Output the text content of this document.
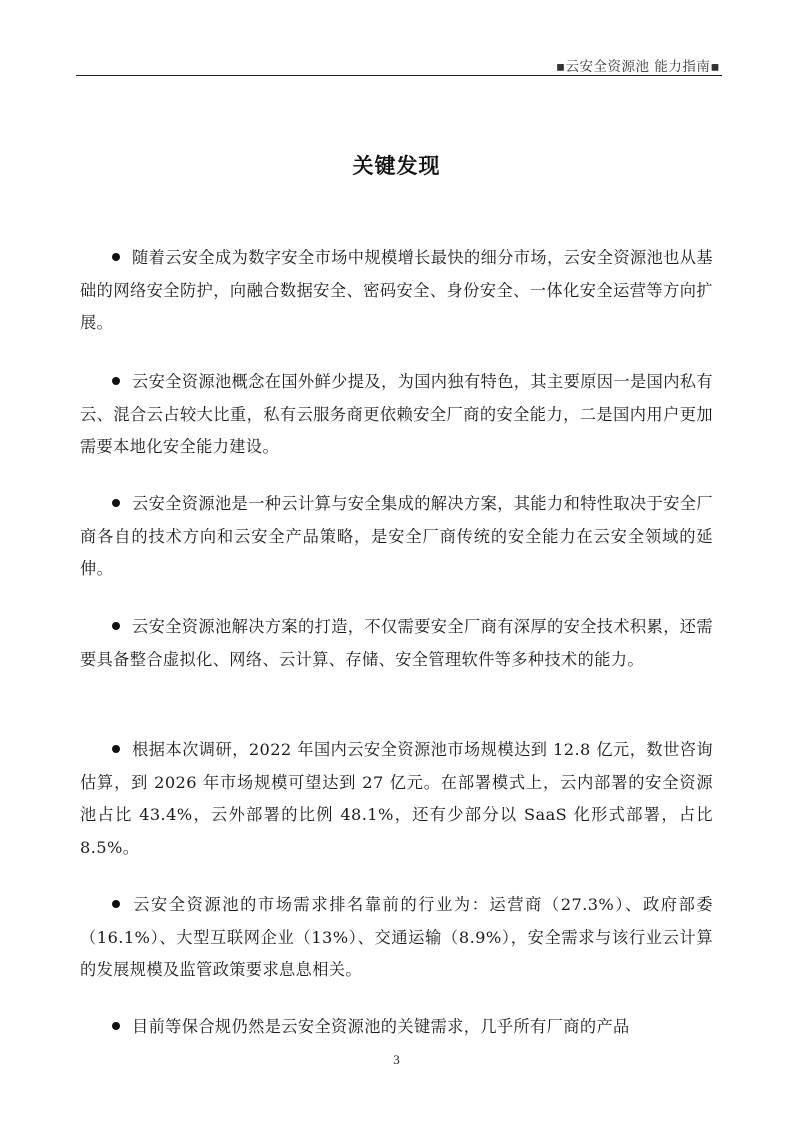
▪云安全资源池 能力指南▪
关键发现

随着云安全成为数字安全市场中规模增长最快的细分市场，云安全资源池也从基础的网络安全防护，向融合数据安全、密码安全、身份安全、一体化安全运营等方向扩展。

云安全资源池概念在国外鲜少提及，为国内独有特色，其主要原因一是国内私有云、混合云占较大比重，私有云服务商更依赖安全厂商的安全能力，二是国内用户更加需要本地化安全能力建设。

云安全资源池是一种云计算与安全集成的解决方案，其能力和特性取决于安全厂商各自的技术方向和云安全产品策略，是安全厂商传统的安全能力在云安全领域的延伸。

云安全资源池解决方案的打造，不仅需要安全厂商有深厚的安全技术积累，还需要具备整合虚拟化、网络、云计算、存储、安全管理软件等多种技术的能力。

根据本次调研，2022 年国内云安全资源池市场规模达到 12.8 亿元，数世咨询估算，到 2026 年市场规模可望达到 27 亿元。在部署模式上，云内部署的安全资源池占比 43.4%，云外部署的比例 48.1%，还有少部分以 SaaS 化形式部署，占比 8.5%。

云安全资源池的市场需求排名靠前的行业为：运营商（27.3%）、政府部委（16.1%）、大型互联网企业（13%）、交通运输（8.9%），安全需求与该行业云计算的发展规模及监管政策要求息息相关。

目前等保合规仍然是云安全资源池的关键需求，几乎所有厂商的产品

3
